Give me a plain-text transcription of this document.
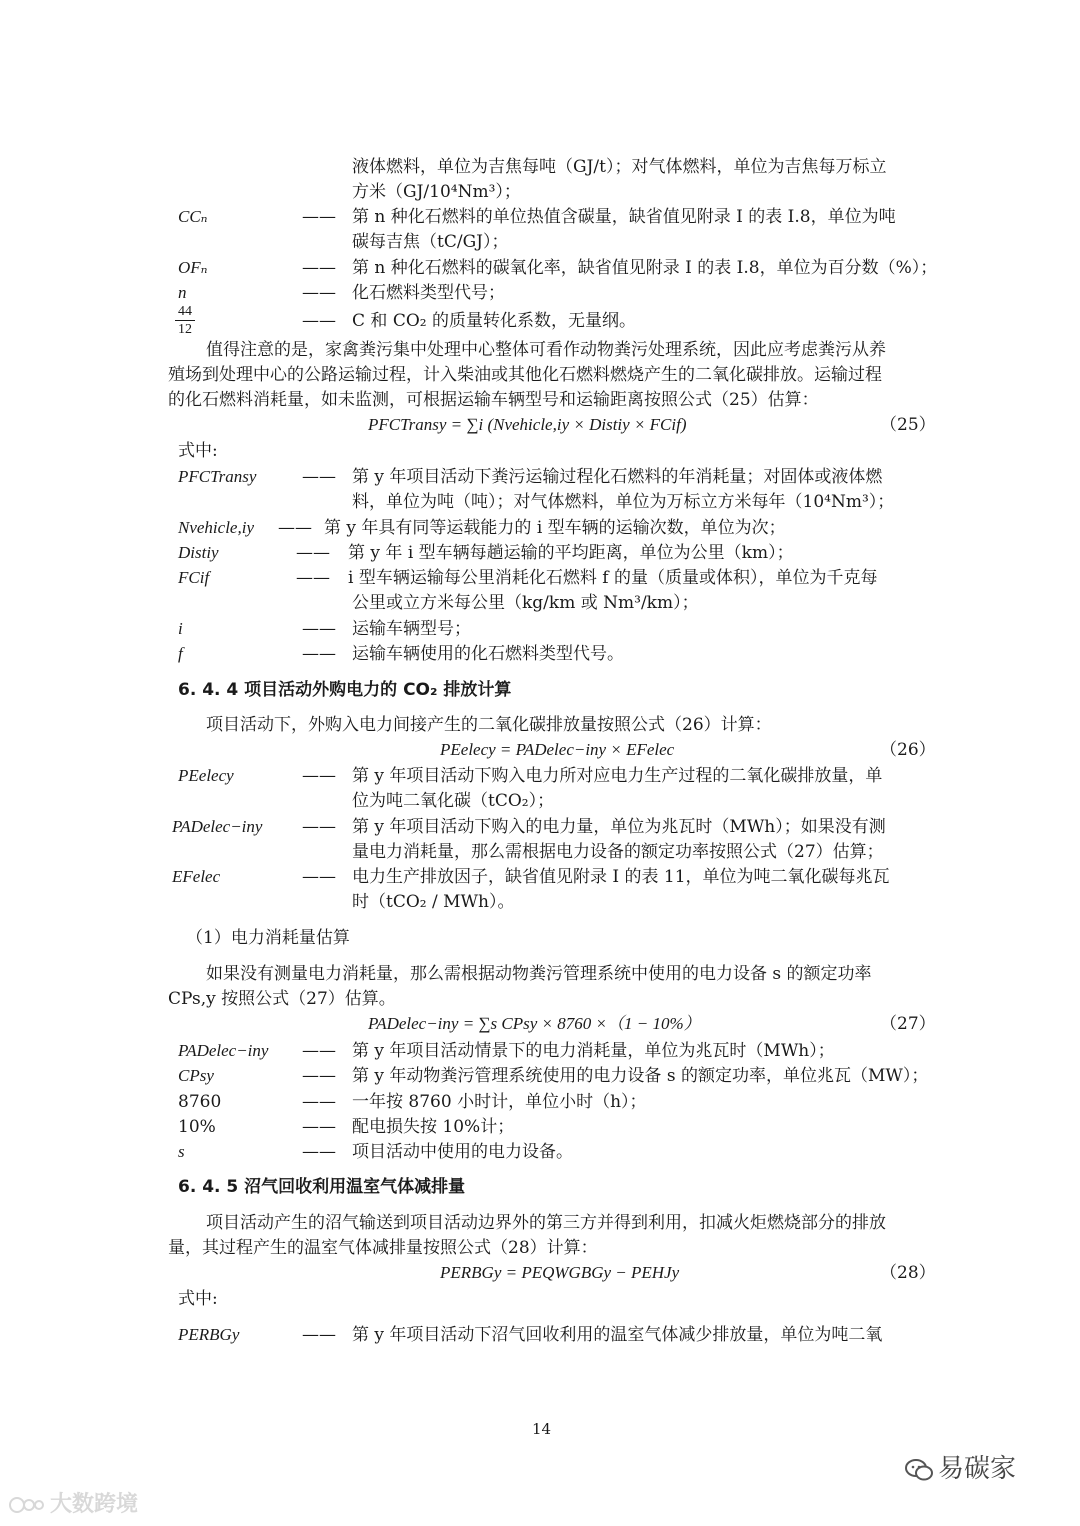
液体燃料，单位为吉焦每吨（GJ/t）；对气体燃料，单位为吉焦每万标立
方米（GJ/10⁴Nm³）；
CCₙ	—— 第 n 种化石燃料的单位热值含碳量，缺省值见附录 I 的表 I.8，单位为吨
碳每吉焦（tC/GJ）；
OFₙ	—— 第 n 种化石燃料的碳氧化率，缺省值见附录 I 的表 I.8，单位为百分数（%）；
n	—— 化石燃料类型代号；
44
12	—— C 和 CO₂ 的质量转化系数，无量纲。
值得注意的是，家禽粪污集中处理中心整体可看作动物粪污处理系统，因此应考虑粪污从养
殖场到处理中心的公路运输过程，计入柴油或其他化石燃料燃烧产生的二氧化碳排放。运输过程
的化石燃料消耗量，如未监测，可根据运输车辆型号和运输距离按照公式（25）估算：
PFCTransy = ∑i (Nvehicle,iy × Distiy × FCif)	（25）
式中:
PFCTransy	—— 第 y 年项目活动下粪污运输过程化石燃料的年消耗量；对固体或液体燃
料，单位为吨（吨）；对气体燃料，单位为万标立方米每年（10⁴Nm³）；
Nvehicle,iy —— 第 y 年具有同等运载能力的 i 型车辆的运输次数，单位为次；
Distiy	—— 第 y 年 i 型车辆每趟运输的平均距离，单位为公里（km）；
FCif	—— i 型车辆运输每公里消耗化石燃料 f 的量（质量或体积），单位为千克每
公里或立方米每公里（kg/km 或 Nm³/km）；
i	—— 运输车辆型号；
f	—— 运输车辆使用的化石燃料类型代号。
6. 4. 4 项目活动外购电力的 CO₂ 排放计算
项目活动下，外购入电力间接产生的二氧化碳排放量按照公式（26）计算：
PEelecy = PADelec−iny × EFelec	（26）
PEelecy	—— 第 y 年项目活动下购入电力所对应电力生产过程的二氧化碳排放量，单
位为吨二氧化碳（tCO₂）；
PADelec−iny —— 第 y 年项目活动下购入的电力量，单位为兆瓦时（MWh）；如果没有测
量电力消耗量，那么需根据电力设备的额定功率按照公式（27）估算；
EFelec	—— 电力生产排放因子，缺省值见附录 I 的表 11，单位为吨二氧化碳每兆瓦
时（tCO₂ / MWh）。
（1）电力消耗量估算
如果没有测量电力消耗量，那么需根据动物粪污管理系统中使用的电力设备 s 的额定功率
CPs,y 按照公式（27）估算。
PADelec−iny = ∑s CPsy × 8760 ×（1 − 10%）	（27）
PADelec−iny —— 第 y 年项目活动情景下的电力消耗量，单位为兆瓦时（MWh）；
CPsy	—— 第 y 年动物粪污管理系统使用的电力设备 s 的额定功率，单位兆瓦（MW）；
8760	—— 一年按 8760 小时计，单位小时（h）；
10%	—— 配电损失按 10%计；
s	—— 项目活动中使用的电力设备。
6. 4. 5 沼气回收利用温室气体减排量
项目活动产生的沼气输送到项目活动边界外的第三方并得到利用，扣减火炬燃烧部分的排放
量，其过程产生的温室气体减排量按照公式（28）计算：
PERBGy = PEQWGBGy − PEHJy	（28）
式中:
PERBGy	—— 第 y 年项目活动下沼气回收利用的温室气体减少排放量，单位为吨二氧
14
易碳家
大数跨境
